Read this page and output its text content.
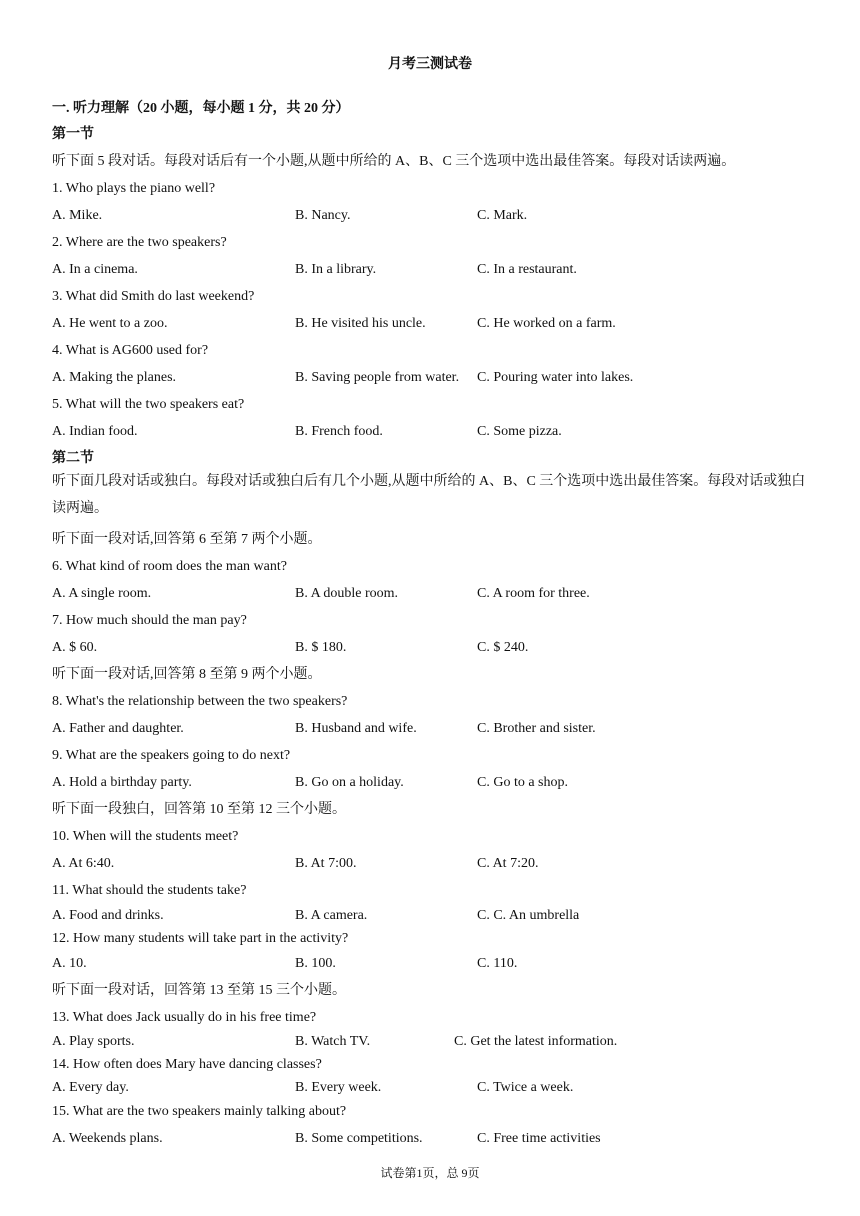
月考三测试卷
一. 听力理解（20 小题，每小题 1 分，共 20 分）
第一节
听下面 5 段对话。每段对话后有一个小题,从题中所给的 A、B、C 三个选项中选出最佳答案。每段对话读两遍。
1. Who plays the piano well?
A. Mike.	B. Nancy.	C. Mark.
2. Where are the two speakers?
A. In a cinema.	B. In a library.	C. In a restaurant.
3. What did Smith do last weekend?
A. He went to a zoo.	B. He visited his uncle.	C. He worked on a farm.
4. What is AG600 used for?
A. Making the planes.	B. Saving people from water. C. Pouring water into lakes.
5. What will the two speakers eat?
A. Indian food.	B. French food.	C. Some pizza.
第二节
听下面几段对话或独白。每段对话或独白后有几个小题,从题中所给的 A、B、C 三个选项中选出最佳答案。每段对话或独白读两遍。
听下面一段对话,回答第 6 至第 7 两个小题。
6. What kind of room does the man want?
A. A single room.	B. A double room.	C. A room for three.
7. How much should the man pay?
A. $ 60.	B. $ 180.	C. $ 240.
听下面一段对话,回答第 8 至第 9 两个小题。
8. What's the relationship between the two speakers?
A. Father and daughter.	B. Husband and wife.	C. Brother and sister.
9. What are the speakers going to do next?
A. Hold a birthday party.	B. Go on a holiday.	C. Go to a shop.
听下面一段独白，回答第 10 至第 12 三个小题。
10. When will the students meet?
A. At 6:40.	B. At 7:00.	C. At 7:20.
11. What should the students take?
A. Food and drinks.	B. A camera.	C. C. An umbrella
12. How many students will take part in the activity?
A. 10.	B. 100.	C. 110.
听下面一段对话，回答第 13 至第 15 三个小题。
13. What does Jack usually do in his free time?
A. Play sports.	B. Watch TV.	C. Get the latest information.
14. How often does Mary have dancing classes?
A. Every day.	B. Every week.	C. Twice a week.
15. What are the two speakers mainly talking about?
A. Weekends plans.	B. Some competitions.	C. Free time activities
试卷第1页，总 9页
